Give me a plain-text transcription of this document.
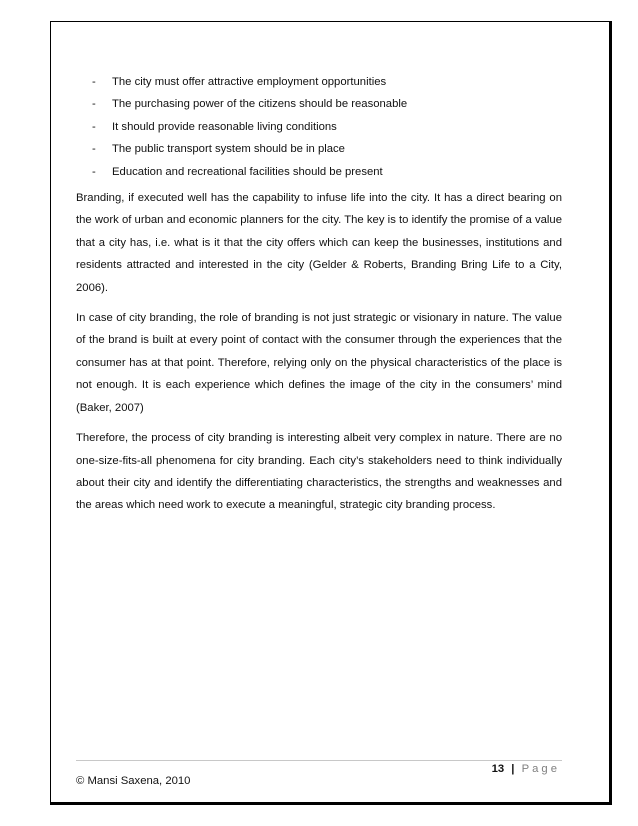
-	The city must offer attractive employment opportunities
-	The purchasing power of the citizens should be reasonable
-	It should provide reasonable living conditions
-	The public transport system should be in place
-	Education and recreational facilities should be present

Branding, if executed well has the capability to infuse life into the city. It has a direct bearing on the work of urban and economic planners for the city. The key is to identify the promise of a value that a city has, i.e. what is it that the city offers which can keep the businesses, institutions and residents attracted and interested in the city (Gelder & Roberts, Branding Bring Life to a City, 2006).

In case of city branding, the role of branding is not just strategic or visionary in nature. The value of the brand is built at every point of contact with the consumer through the experiences that the consumer has at that point. Therefore, relying only on the physical characteristics of the place is not enough. It is each experience which defines the image of the city in the consumers’ mind (Baker, 2007)

Therefore, the process of city branding is interesting albeit very complex in nature. There are no one-size-fits-all phenomena for city branding. Each city’s stakeholders need to think individually about their city and identify the differentiating characteristics, the strengths and weaknesses and the areas which need work to execute a meaningful, strategic city branding process.

13 | Page
© Mansi Saxena, 2010
